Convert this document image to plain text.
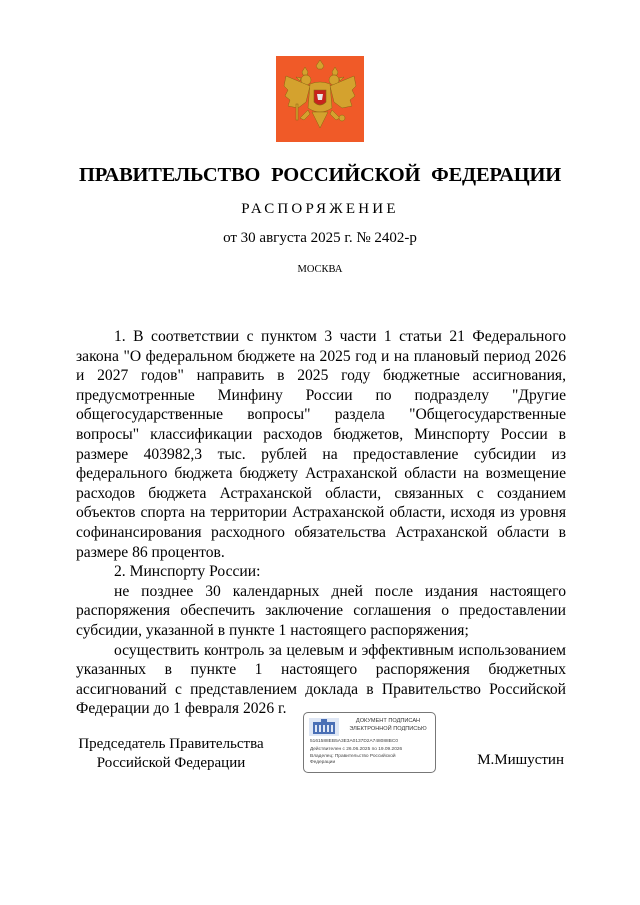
ПРАВИТЕЛЬСТВО РОССИЙСКОЙ ФЕДЕРАЦИИ
РАСПОРЯЖЕНИЕ
от 30 августа 2025 г. № 2402-р
МОСКВА

1. В соответствии с пунктом 3 части 1 статьи 21 Федерального закона "О федеральном бюджете на 2025 год и на плановый период 2026 и 2027 годов" направить в 2025 году бюджетные ассигнования, предусмотренные Минфину России по подразделу "Другие общегосударственные вопросы" раздела "Общегосударственные вопросы" классификации расходов бюджетов, Минспорту России в размере 403982,3 тыс. рублей на предоставление субсидии из федерального бюджета бюджету Астраханской области на возмещение расходов бюджета Астраханской области, связанных с созданием объектов спорта на территории Астраханской области, исходя из уровня софинансирования расходного обязательства Астраханской области в размере 86 процентов.

2. Минспорту России:

не позднее 30 календарных дней после издания настоящего распоряжения обеспечить заключение соглашения о предоставлении субсидии, указанной в пункте 1 настоящего распоряжения;

осуществить контроль за целевым и эффективным использованием указанных в пункте 1 настоящего распоряжения бюджетных ассигнований с представлением доклада в Правительство Российской Федерации до 1 февраля 2026 г.

Председатель Правительства
Российской Федерации
ДОКУМЕНТ ПОДПИСАН
ЭЛЕКТРОННОЙ ПОДПИСЬЮ
5161588EB5A3E3A0137D2A748088BC0
Действителен с 26.06.2025 по 19.09.2026
Владелец: Правительство Российской
Федерации	М.Мишустин
